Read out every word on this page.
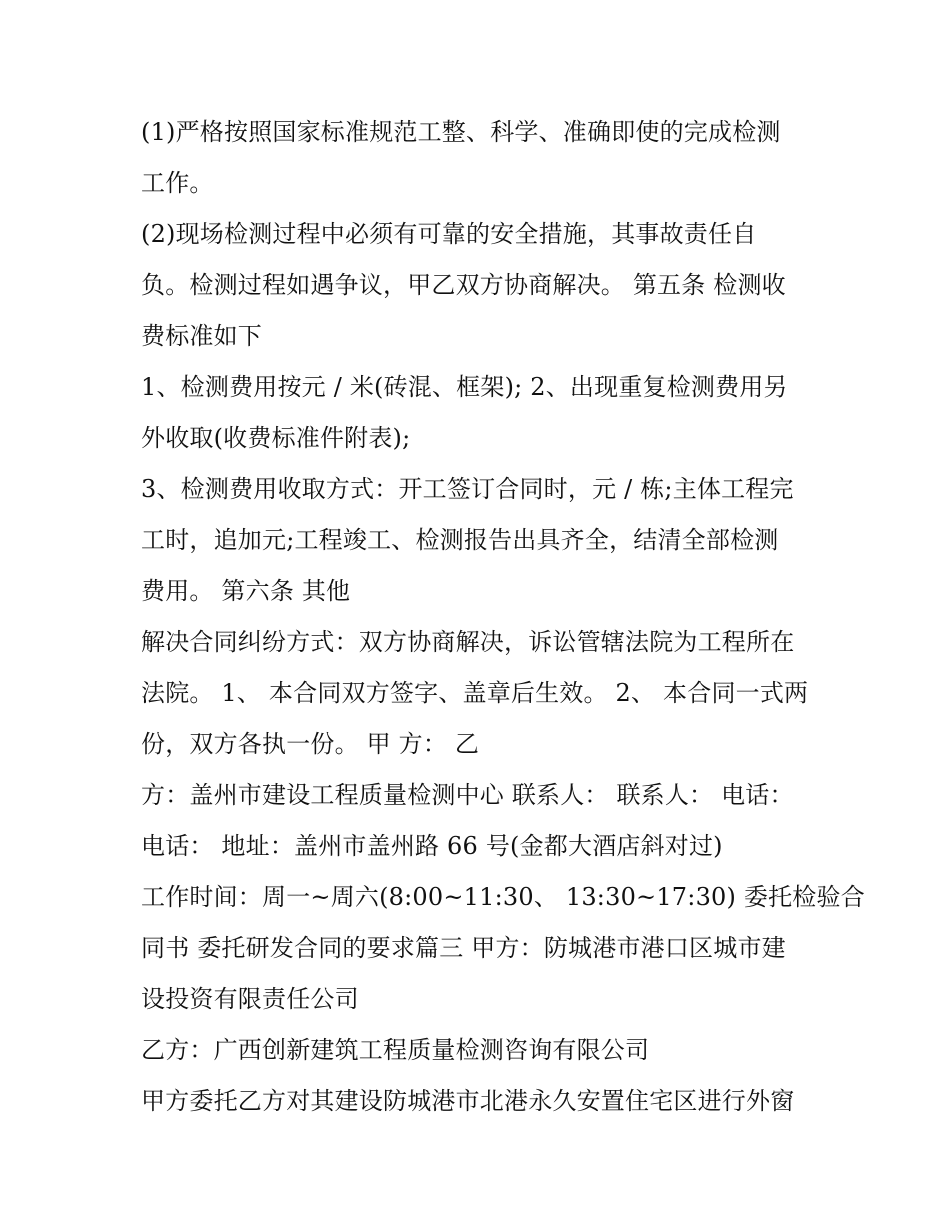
(1)严格按照国家标准规范工整、科学、准确即使的完成检测
工作。
(2)现场检测过程中必须有可靠的安全措施，其事故责任自
负。检测过程如遇争议，甲乙双方协商解决。 第五条 检测收
费标准如下
1、检测费用按元 / 米(砖混、框架); 2、出现重复检测费用另
外收取(收费标准件附表);
3、检测费用收取方式：开工签订合同时，元 / 栋;主体工程完
工时，追加元;工程竣工、检测报告出具齐全，结清全部检测
费用。 第六条 其他
解决合同纠纷方式：双方协商解决，诉讼管辖法院为工程所在
法院。 1、 本合同双方签字、盖章后生效。 2、 本合同一式两
份，双方各执一份。 甲 方： 乙
方：盖州市建设工程质量检测中心 联系人： 联系人： 电话：
电话： 地址：盖州市盖州路 66 号(金都大酒店斜对过)
工作时间：周一~周六(8:00~11:30、 13:30~17:30) 委托检验合
同书 委托研发合同的要求篇三 甲方：防城港市港口区城市建
设投资有限责任公司
乙方：广西创新建筑工程质量检测咨询有限公司
甲方委托乙方对其建设防城港市北港永久安置住宅区进行外窗
